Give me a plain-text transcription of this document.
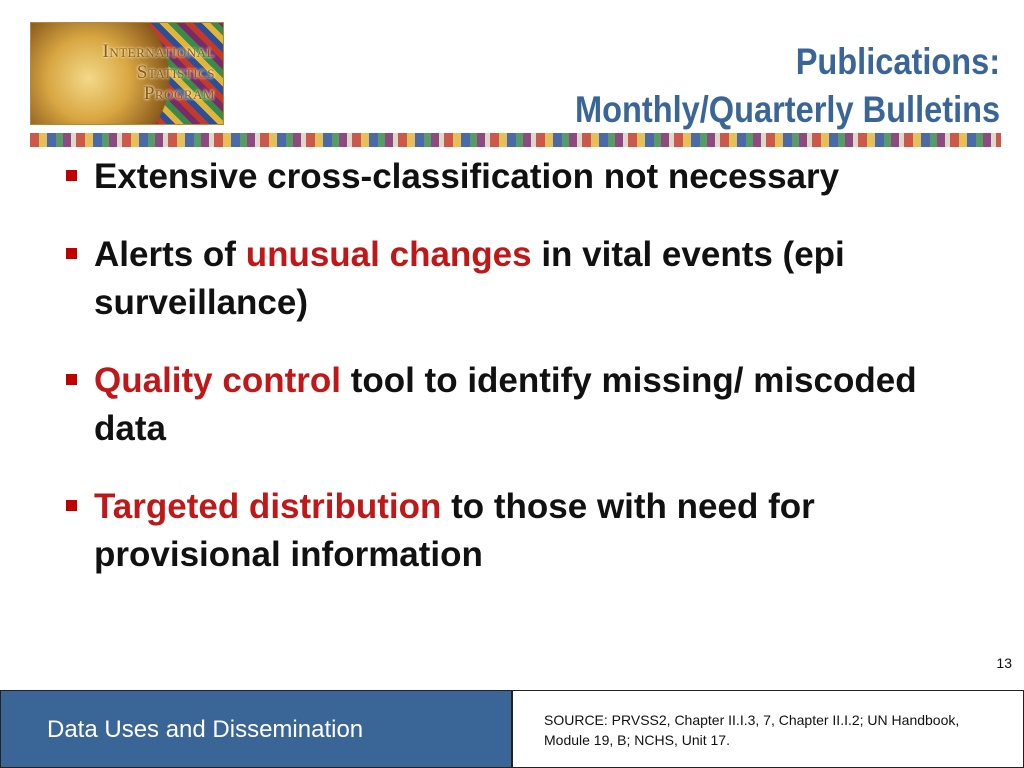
International
Statistics
Program
Publications:
Monthly/Quarterly Bulletins
Extensive cross-classification not necessary
Alerts of unusual changes in vital events (epi surveillance)
Quality control tool to identify missing/ miscoded data
Targeted distribution to those with need for provisional information
13
Data Uses and Dissemination	SOURCE: PRVSS2, Chapter II.I.3, 7, Chapter II.I.2; UN Handbook, Module 19, B; NCHS, Unit 17.
